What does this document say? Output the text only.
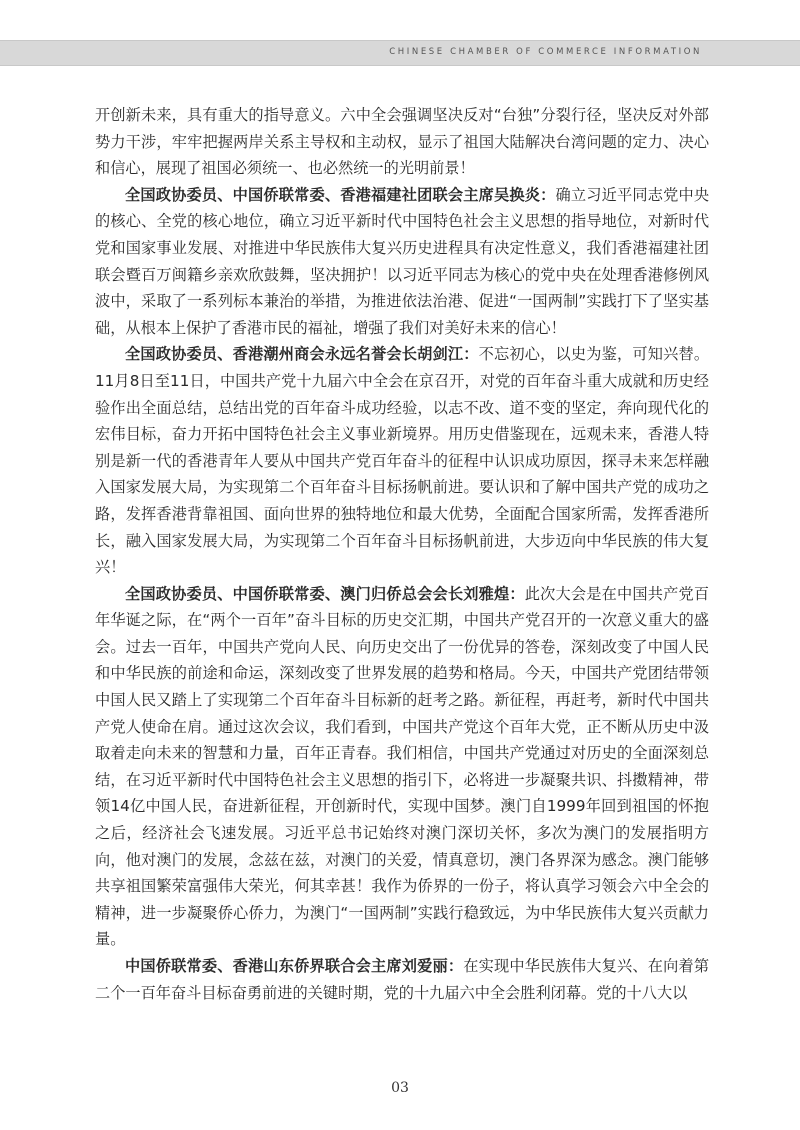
CHINESE CHAMBER OF COMMERCE INFORMATION

开创新未来，具有重大的指导意义。六中全会强调坚决反对“台独”分裂行径，坚决反对外部势力干涉，牢牢把握两岸关系主导权和主动权，显示了祖国大陆解决台湾问题的定力、决心和信心，展现了祖国必须统一、也必然统一的光明前景！

全国政协委员、中国侨联常委、香港福建社团联会主席吴换炎：确立习近平同志党中央的核心、全党的核心地位，确立习近平新时代中国特色社会主义思想的指导地位，对新时代党和国家事业发展、对推进中华民族伟大复兴历史进程具有决定性意义，我们香港福建社团联会暨百万闽籍乡亲欢欣鼓舞，坚决拥护！以习近平同志为核心的党中央在处理香港修例风波中，采取了一系列标本兼治的举措，为推进依法治港、促进“一国两制”实践打下了坚实基础，从根本上保护了香港市民的福祉，增强了我们对美好未来的信心！

全国政协委员、香港潮州商会永远名誉会长胡剑江：不忘初心，以史为鉴，可知兴替。11月8日至11日，中国共产党十九届六中全会在京召开，对党的百年奋斗重大成就和历史经验作出全面总结，总结出党的百年奋斗成功经验，以志不改、道不变的坚定，奔向现代化的宏伟目标，奋力开拓中国特色社会主义事业新境界。用历史借鉴现在，远观未来，香港人特别是新一代的香港青年人要从中国共产党百年奋斗的征程中认识成功原因，探寻未来怎样融入国家发展大局，为实现第二个百年奋斗目标扬帆前进。要认识和了解中国共产党的成功之路，发挥香港背靠祖国、面向世界的独特地位和最大优势，全面配合国家所需，发挥香港所长，融入国家发展大局，为实现第二个百年奋斗目标扬帆前进，大步迈向中华民族的伟大复兴！

全国政协委员、中国侨联常委、澳门归侨总会会长刘雅煌：此次大会是在中国共产党百年华诞之际，在“两个一百年”奋斗目标的历史交汇期，中国共产党召开的一次意义重大的盛会。过去一百年，中国共产党向人民、向历史交出了一份优异的答卷，深刻改变了中国人民和中华民族的前途和命运，深刻改变了世界发展的趋势和格局。今天，中国共产党团结带领中国人民又踏上了实现第二个百年奋斗目标新的赶考之路。新征程，再赶考，新时代中国共产党人使命在肩。通过这次会议，我们看到，中国共产党这个百年大党，正不断从历史中汲取着走向未来的智慧和力量，百年正青春。我们相信，中国共产党通过对历史的全面深刻总结，在习近平新时代中国特色社会主义思想的指引下，必将进一步凝聚共识、抖擞精神，带领14亿中国人民，奋进新征程，开创新时代，实现中国梦。澳门自1999年回到祖国的怀抱之后，经济社会飞速发展。习近平总书记始终对澳门深切关怀，多次为澳门的发展指明方向，他对澳门的发展，念兹在兹，对澳门的关爱，情真意切，澳门各界深为感念。澳门能够共享祖国繁荣富强伟大荣光，何其幸甚！我作为侨界的一份子，将认真学习领会六中全会的精神，进一步凝聚侨心侨力，为澳门“一国两制”实践行稳致远，为中华民族伟大复兴贡献力量。

中国侨联常委、香港山东侨界联合会主席刘爱丽：在实现中华民族伟大复兴、在向着第二个一百年奋斗目标奋勇前进的关键时期，党的十九届六中全会胜利闭幕。党的十八大以

03
